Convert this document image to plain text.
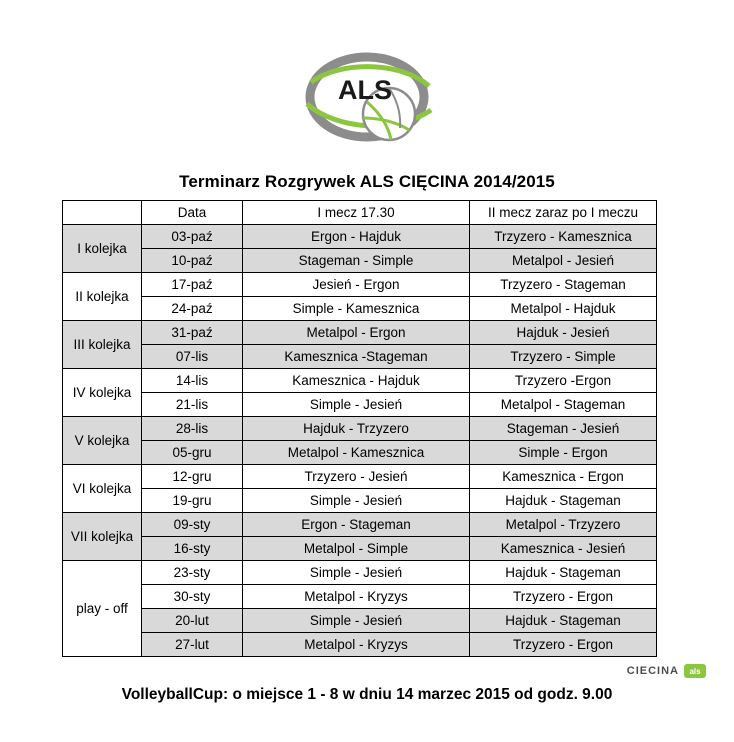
ALS
Terminarz Rozgrywek ALS CIĘCINA 2014/2015
	Data	I mecz 17.30	II mecz zaraz po I meczu
I kolejka	03-paź	Ergon - Hajduk	Trzyzero - Kamesznica
	10-paź	Stageman - Simple	Metalpol - Jesień
II kolejka	17-paź	Jesień - Ergon	Trzyzero - Stageman
	24-paź	Simple - Kamesznica	Metalpol - Hajduk
III kolejka	31-paź	Metalpol - Ergon	Hajduk - Jesień
	07-lis	Kamesznica -Stageman	Trzyzero - Simple
IV kolejka	14-lis	Kamesznica - Hajduk	Trzyzero -Ergon
	21-lis	Simple - Jesień	Metalpol - Stageman
V kolejka	28-lis	Hajduk - Trzyzero	Stageman - Jesień
	05-gru	Metalpol - Kamesznica	Simple - Ergon
VI kolejka	12-gru	Trzyzero - Jesień	Kamesznica - Ergon
	19-gru	Simple - Jesień	Hajduk - Stageman
VII kolejka	09-sty	Ergon - Stageman	Metalpol - Trzyzero
	16-sty	Metalpol - Simple	Kamesznica - Jesień
play - off	23-sty	Simple - Jesień	Hajduk - Stageman
	30-sty	Metalpol - Kryzys	Trzyzero - Ergon
	20-lut	Simple - Jesień	Hajduk - Stageman
	27-lut	Metalpol - Kryzys	Trzyzero - Ergon
CIECINA	als
VolleyballCup: o miejsce 1 - 8 w dniu 14 marzec 2015 od godz. 9.00
